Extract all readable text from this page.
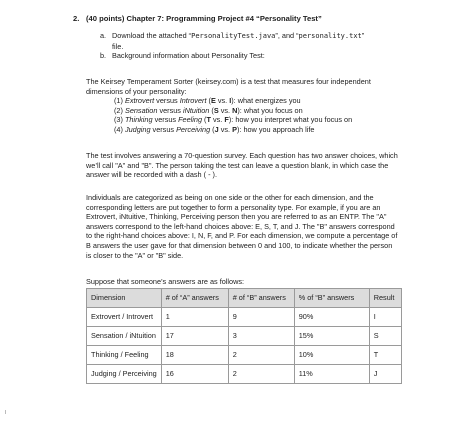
2. (40 points) Chapter 7: Programming Project #4 “Personality Test”
a. Download the attached “PersonalityTest.java”, and “personality.txt”
file.
b. Background information about Personality Test:
The Keirsey Temperament Sorter (keirsey.com) is a test that measures four independent
dimensions of your personality:
(1) Extrovert versus Introvert (E vs. I): what energizes you
(2) Sensation versus iNtuition (S vs. N): what you focus on
(3) Thinking versus Feeling (T vs. F): how you interpret what you focus on
(4) Judging versus Perceiving (J vs. P): how you approach life
The test involves answering a 70-question survey. Each question has two answer choices, which
we’ll call "A" and "B". The person taking the test can leave a question blank, in which case the
answer will be recorded with a dash ( - ).
Individuals are categorized as being on one side or the other for each dimension, and the
corresponding letters are put together to form a personality type. For example, if you are an
Extrovert, iNtuitive, Thinking, Perceiving person then you are referred to as an ENTP. The "A"
answers correspond to the left-hand choices above: E, S, T, and J. The "B" answers correspond
to the right-hand choices above: I, N, F, and P. For each dimension, we compute a percentage of
B answers the user gave for that dimension between 0 and 100, to indicate whether the person
is closer to the "A" or "B" side.
Suppose that someone’s answers are as follows:
Dimension	# of “A” answers	# of “B” answers	% of “B” answers	Result
Extrovert / Introvert	1	9	90%	I
Sensation / iNtuition	17	3	15%	S
Thinking / Feeling	18	2	10%	T
Judging / Perceiving	16	2	11%	J
